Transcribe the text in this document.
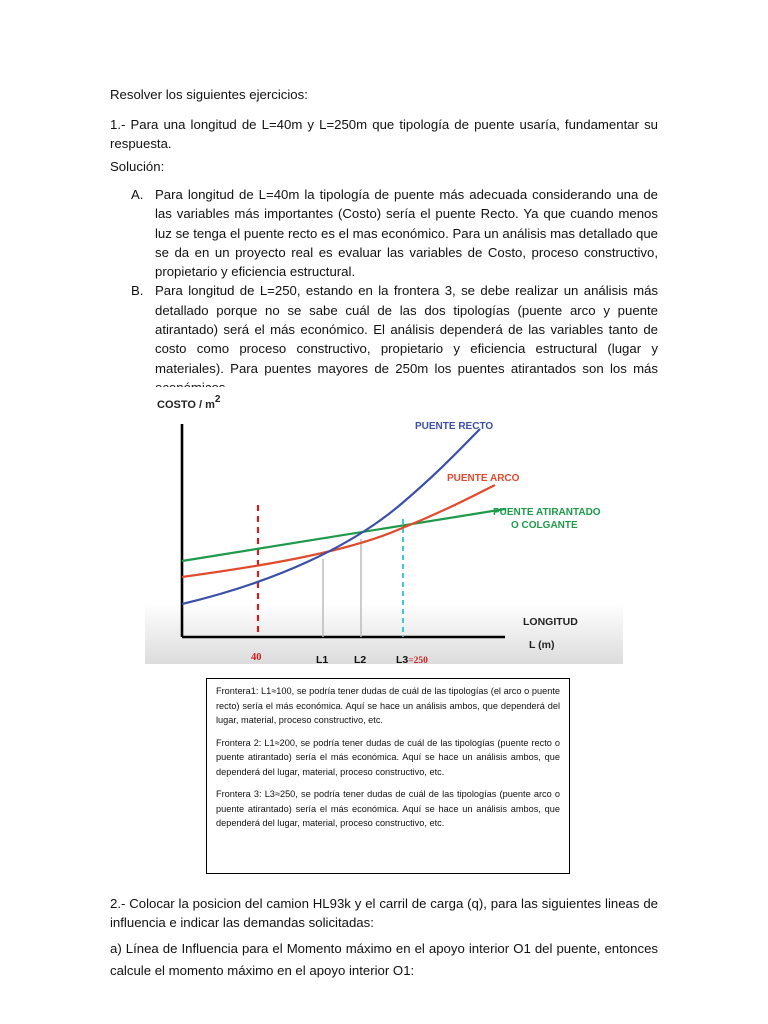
Resolver los siguientes ejercicios:

1.- Para una longitud de L=40m y L=250m que tipología de puente usaría, fundamentar su respuesta.

Solución:

A. Para longitud de L=40m la tipología de puente más adecuada considerando una de las variables más importantes (Costo) sería el puente Recto. Ya que cuando menos luz se tenga el puente recto es el mas económico. Para un análisis mas detallado que se da en un proyecto real es evaluar las variables de Costo, proceso constructivo, propietario y eficiencia estructural.
B. Para longitud de L=250, estando en la frontera 3, se debe realizar un análisis más detallado porque no se sabe cuál de las dos tipologías (puente arco y puente atirantado) será el más económico. El análisis dependerá de las variables tanto de costo como proceso constructivo, propietario y eficiencia estructural (lugar y materiales). Para puentes mayores de 250m los puentes atirantados son los más
COSTO / m2
LONGITUD
L (m)
PUENTE RECTO
PUENTE ARCO
PUENTE ATIRANTADO
O COLGANTE
40	L1 L2	L3=250

Frontera1: L1≈100, se podría tener dudas de cuál de las tipologías (el arco o puente recto) sería el más económica. Aquí se hace un análisis ambos, que dependerá del lugar, material, proceso constructivo, etc.

Frontera 2: L1≈200, se podría tener dudas de cuál de las tipologías (puente recto o puente atirantado) sería el más económica. Aquí se hace un análisis ambos, que dependerá del lugar, material, proceso constructivo, etc.

Frontera 3: L3≈250, se podría tener dudas de cuál de las tipologías (puente arco o puente atirantado) sería el más económica. Aquí se hace un análisis ambos, que dependerá del lugar, material, proceso constructivo, etc.

2.- Colocar la posicion del camion HL93k y el carril de carga (q), para las siguientes lineas de influencia e indicar las demandas solicitadas:

a) Línea de Influencia para el Momento máximo en el apoyo interior O1 del puente, entonces calcule el momento máximo en el apoyo interior O1:
